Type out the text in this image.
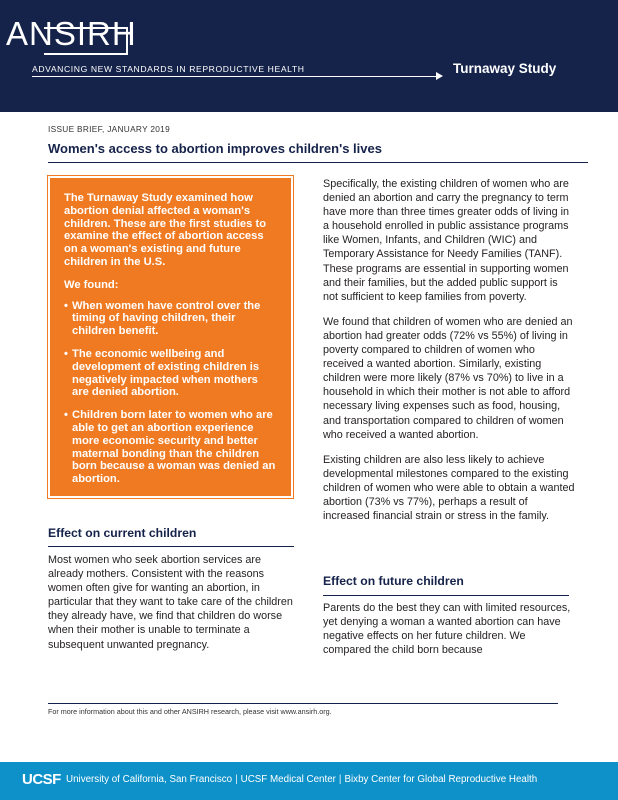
ANSIRH
ADVANCING NEW STANDARDS IN REPRODUCTIVE HEALTH	Turnaway Study
ISSUE BRIEF, JANUARY 2019
Women's access to abortion improves children's lives

The Turnaway Study examined how abortion denial affected a woman's children. These are the first studies to examine the effect of abortion access on a woman's existing and future children in the U.S.

We found:

• When women have control over the timing of having children, their children benefit.
• The economic wellbeing and development of existing children is negatively impacted when mothers are denied abortion.
• Children born later to women who are able to get an abortion experience more economic security and better maternal bonding than the children born because a woman was denied an abortion.
Effect on current children

Most women who seek abortion services are already mothers. Consistent with the reasons women often give for wanting an abortion, in particular that they want to take care of the children they already have, we find that children do worse when their mother is unable to terminate a subsequent unwanted pregnancy.

Specifically, the existing children of women who are denied an abortion and carry the pregnancy to term have more than three times greater odds of living in a household enrolled in public assistance programs like Women, Infants, and Children (WIC) and Temporary Assistance for Needy Families (TANF). These programs are essential in supporting women and their families, but the added public support is not sufficient to keep families from poverty.

We found that children of women who are denied an abortion had greater odds (72% vs 55%) of living in poverty compared to children of women who received a wanted abortion. Similarly, existing children were more likely (87% vs 70%) to live in a household in which their mother is not able to afford necessary living expenses such as food, housing, and transportation compared to children of women who received a wanted abortion.

Existing children are also less likely to achieve developmental milestones compared to the existing children of women who were able to obtain a wanted abortion (73% vs 77%), perhaps a result of increased financial strain or stress in the family.

Effect on future children

Parents do the best they can with limited resources, yet denying a woman a wanted abortion can have negative effects on her future children. We compared the child born because

For more information about this and other ANSIRH research, please visit www.ansirh.org.
UCSF University of California, San Francisco | UCSF Medical Center | Bixby Center for Global Reproductive Health
